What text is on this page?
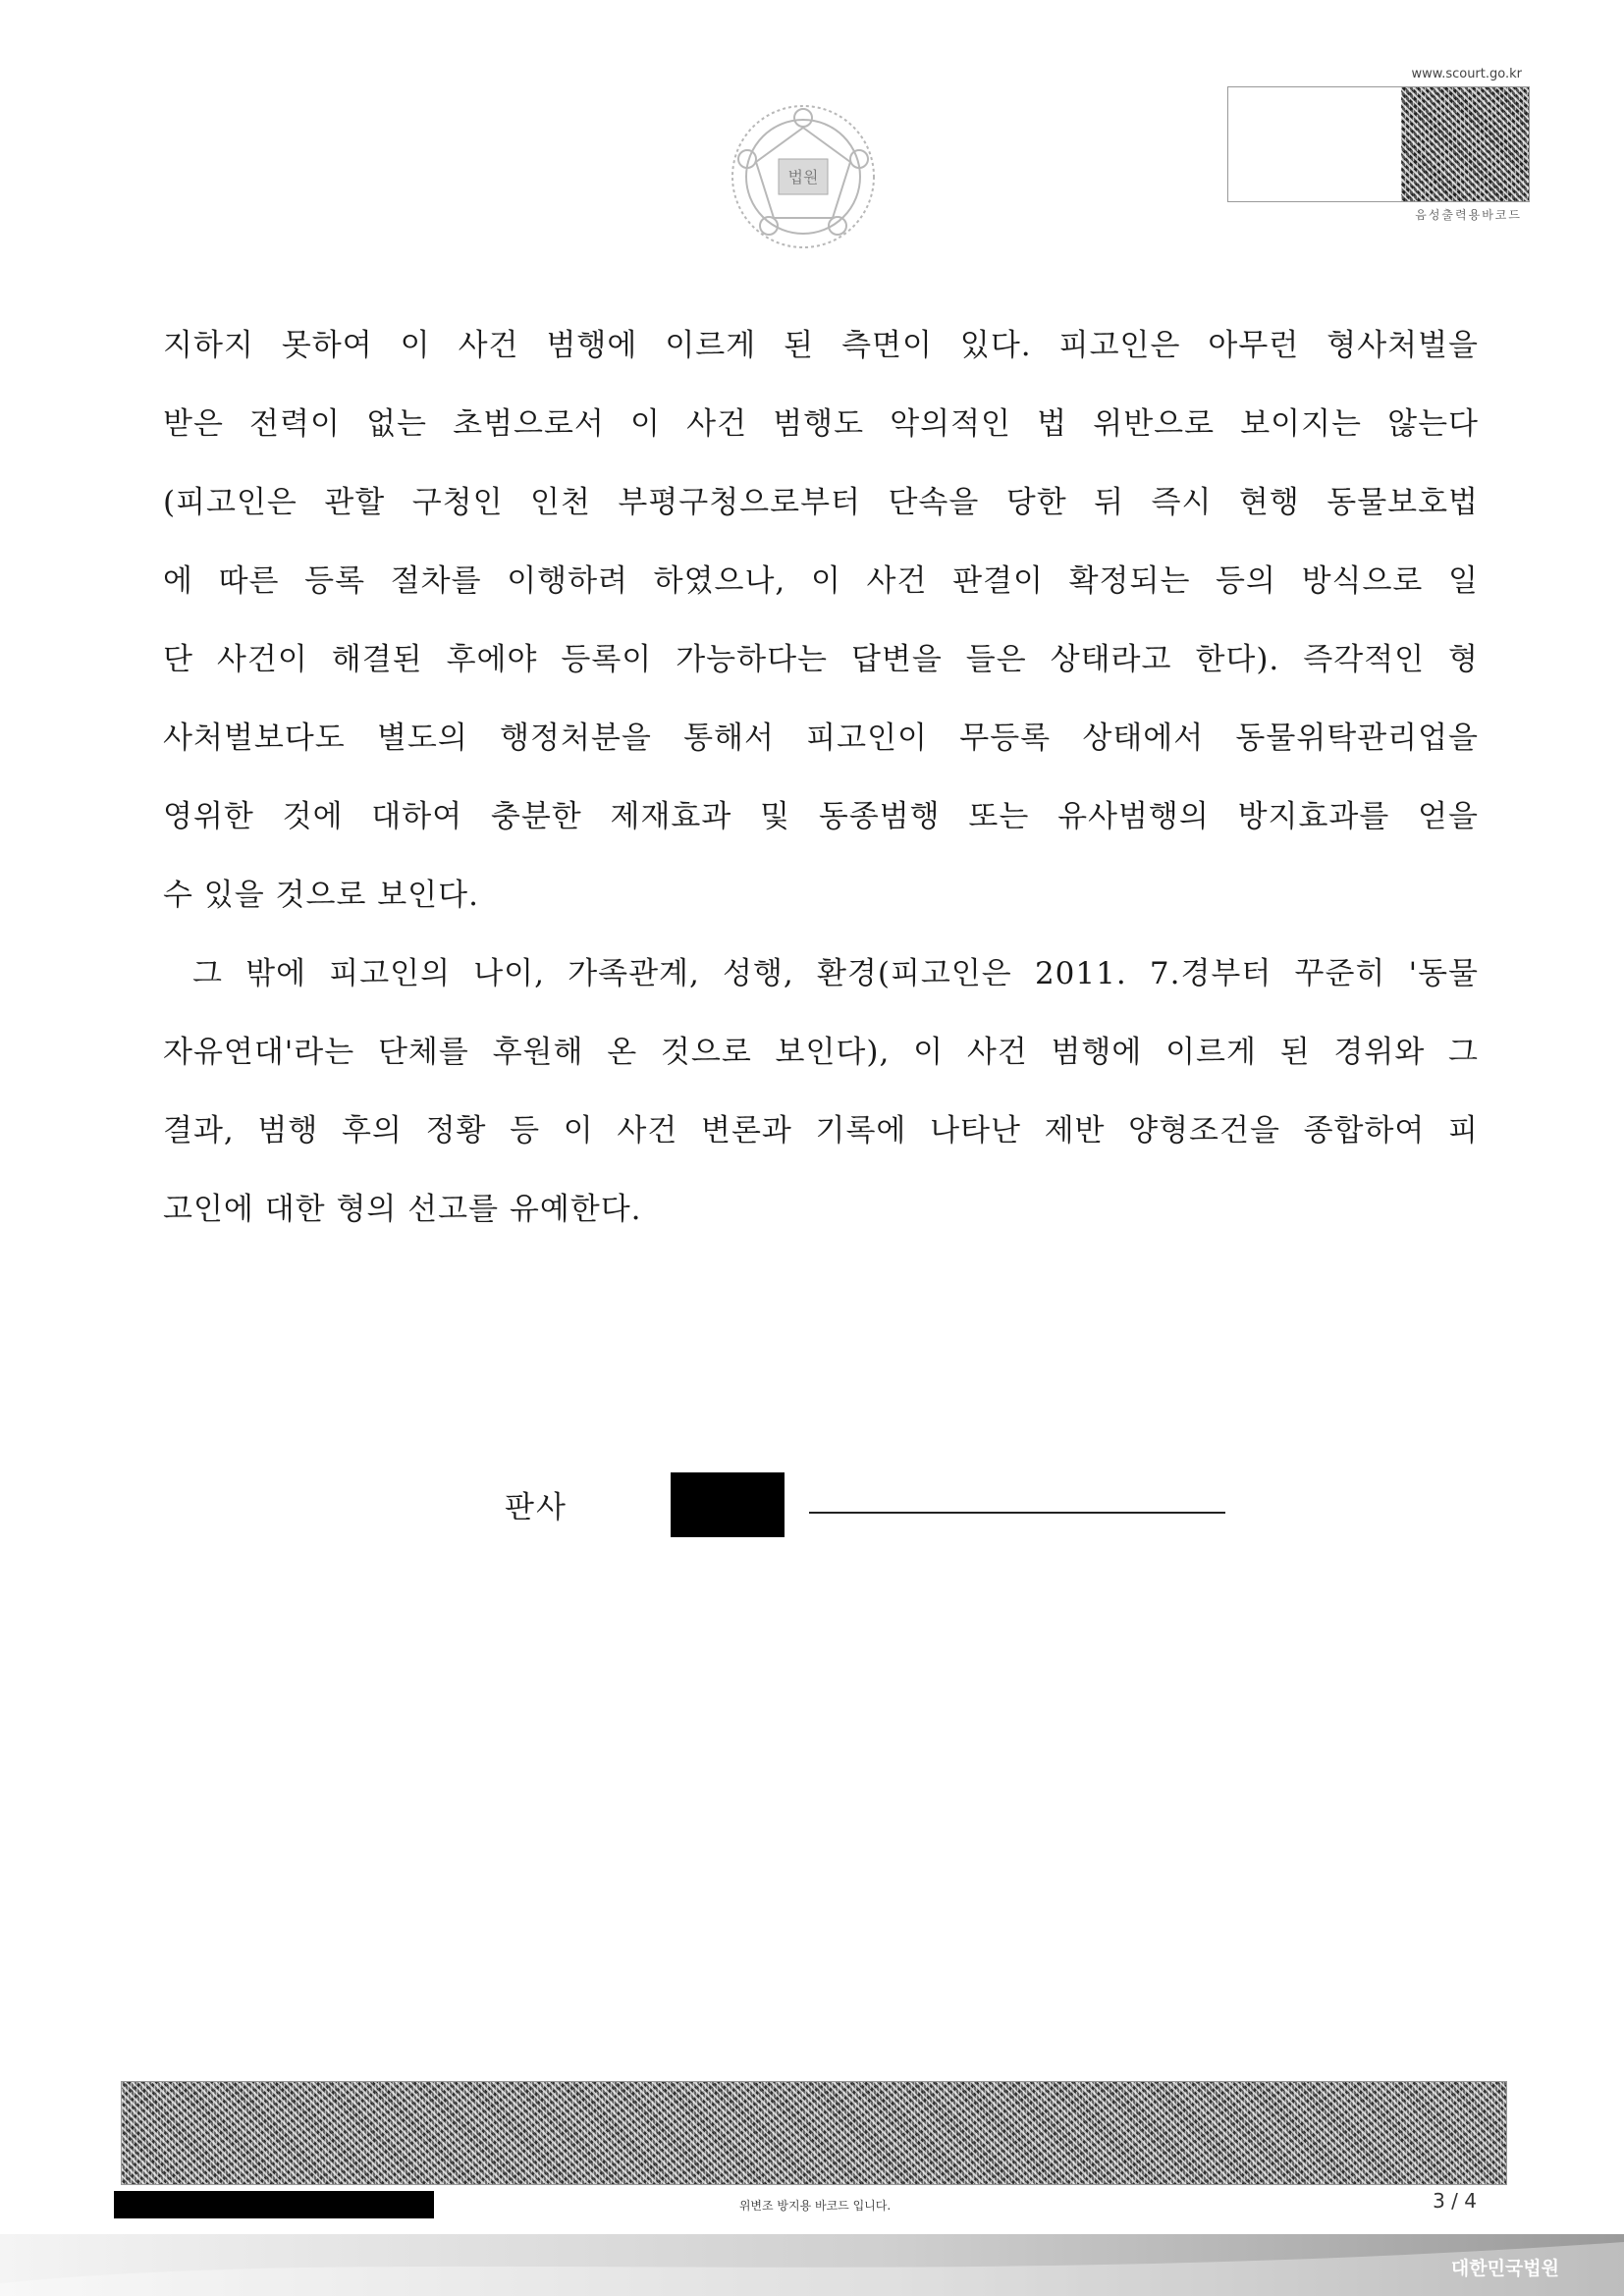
법원
www.scourt.go.kr
음성출력용바코드
지하지 못하여 이 사건 범행에 이르게 된 측면이 있다. 피고인은 아무런 형사처벌을
받은 전력이 없는 초범으로서 이 사건 범행도 악의적인 법 위반으로 보이지는 않는다
(피고인은 관할 구청인 인천 부평구청으로부터 단속을 당한 뒤 즉시 현행 동물보호법
에 따른 등록 절차를 이행하려 하였으나, 이 사건 판결이 확정되는 등의 방식으로 일
단 사건이 해결된 후에야 등록이 가능하다는 답변을 들은 상태라고 한다). 즉각적인 형
사처벌보다도 별도의 행정처분을 통해서 피고인이 무등록 상태에서 동물위탁관리업을
영위한 것에 대하여 충분한 제재효과 및 동종범행 또는 유사범행의 방지효과를 얻을
수 있을 것으로 보인다.
그 밖에 피고인의 나이, 가족관계, 성행, 환경(피고인은 2011. 7.경부터 꾸준히 '동물
자유연대'라는 단체를 후원해 온 것으로 보인다), 이 사건 범행에 이르게 된 경위와 그
결과, 범행 후의 정황 등 이 사건 변론과 기록에 나타난 제반 양형조건을 종합하여 피
고인에 대한 형의 선고를 유예한다.
판사
위변조 방지용 바코드 입니다.	3 / 4
대한민국법원
